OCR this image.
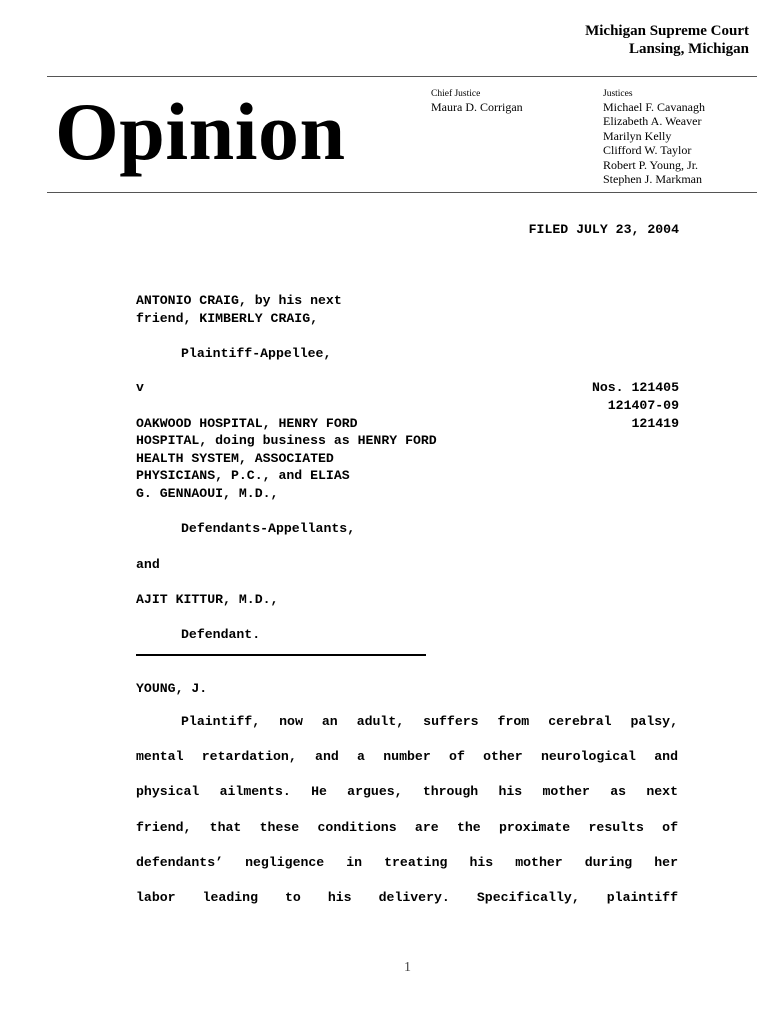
Michigan Supreme Court
Lansing, Michigan
Opinion	Chief Justice
Maura D. Corrigan
Justices
Michael F. Cavanagh
Elizabeth A. Weaver
Marilyn Kelly
Clifford W. Taylor
Robert P. Young, Jr.
Stephen J. Markman
FILED JULY 23, 2004
ANTONIO CRAIG, by his next
friend, KIMBERLY CRAIG,
Plaintiff-Appellee,
v	Nos. 121405
121407-09
121419
OAKWOOD HOSPITAL, HENRY FORD
HOSPITAL, doing business as HENRY FORD
HEALTH SYSTEM, ASSOCIATED
PHYSICIANS, P.C., and ELIAS
G. GENNAOUI, M.D.,
Defendants-Appellants,
and
AJIT KITTUR, M.D.,
Defendant.
YOUNG, J.
Plaintiff, now an adult, suffers from cerebral palsy,
mental retardation, and a number of other neurological and
physical ailments. He argues, through his mother as next
friend, that these conditions are the proximate results of
defendants’ negligence in treating his mother during her
labor leading to his delivery. Specifically, plaintiff
1
